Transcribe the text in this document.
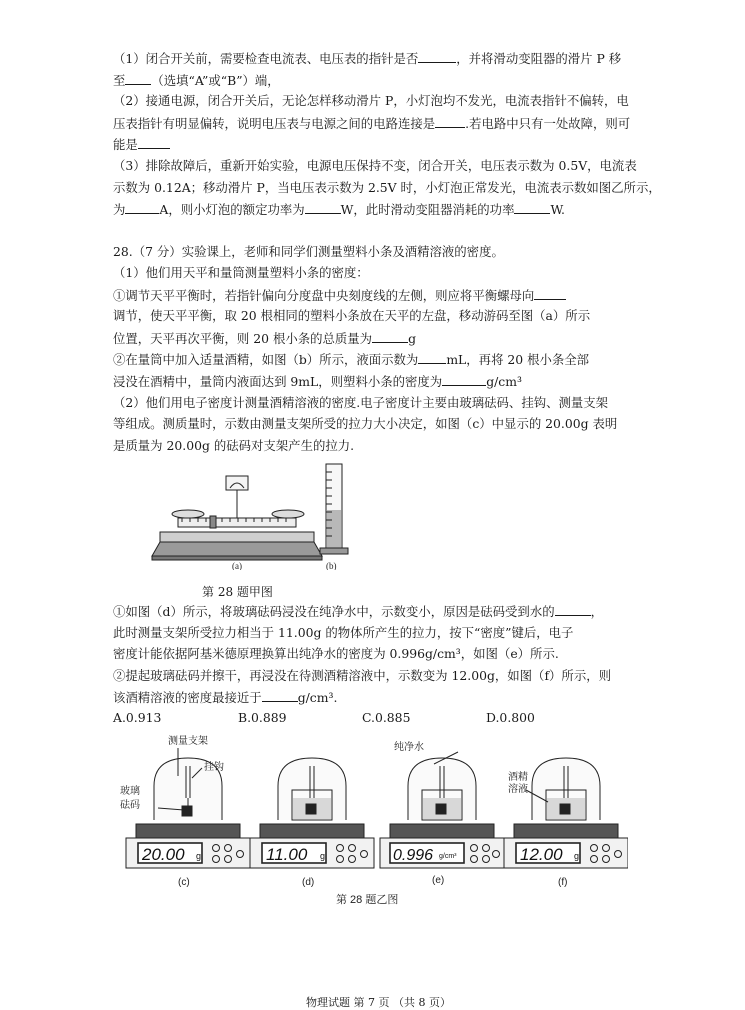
（1）闭合开关前，需要检查电流表、电压表的指针是否	，并将滑动变阻器的滑片 P 移
至 （选填“A”或“B”）端，
（2）接通电源，闭合开关后，无论怎样移动滑片 P，小灯泡均不发光，电流表指针不偏转，电
压表指针有明显偏转，说明电压表与电源之间的电路连接是 .若电路中只有一处故障，则可
能是
（3）排除故障后，重新开始实验，电源电压保持不变，闭合开关，电压表示数为 0.5V，电流表
示数为 0.12A；移动滑片 P，当电压表示数为 2.5V 时，小灯泡正常发光，电流表示数如图乙所示，
为	A，则小灯泡的额定功率为	W，此时滑动变阻器消耗的功率	W.
28.（7 分）实验课上，老师和同学们测量塑料小条及酒精溶液的密度。
（1）他们用天平和量筒测量塑料小条的密度：
①调节天平平衡时，若指针偏向分度盘中央刻度线的左侧，则应将平衡螺母向
调节，使天平平衡，取 20 根相同的塑料小条放在天平的左盘，移动游码至图（a）所示
位置，天平再次平衡，则 20 根小条的总质量为	g
②在量筒中加入适量酒精，如图（b）所示，液面示数为 mL，再将 20 根小条全部
浸没在酒精中，量筒内液面达到 9mL，则塑料小条的密度为	g/cm³
（2）他们用电子密度计测量酒精溶液的密度.电子密度计主要由玻璃砝码、挂钩、测量支架
等组成。测质量时，示数由测量支架所受的拉力大小决定，如图（c）中显示的 20.00g 表明
是质量为 20.00g 的砝码对支架产生的拉力.
(a)	(b)
第 28 题甲图
①如图（d）所示，将玻璃砝码浸没在纯净水中，示数变小，原因是砝码受到水的	，
此时测量支架所受拉力相当于 11.00g 的物体所产生的拉力，按下“密度”键后，电子
密度计能依据阿基米德原理换算出纯净水的密度为 0.996g/cm³，如图（e）所示.
②提起玻璃砝码并擦干，再浸没在待测酒精溶液中，示数变为 12.00g，如图（f）所示，则
该酒精溶液的密度最接近于	g/cm³.
A.0.913	B.0.889	C.0.885	D.0.800
测量支架
挂钩
玻璃
砝码
20.00 g
(c)
11.00 g
(d)
纯净水
0.996 g/cm³
(e)
酒精
溶液
12.00 g
(f)
第 28 题乙图
物理试题 第 7 页 （共 8 页）
